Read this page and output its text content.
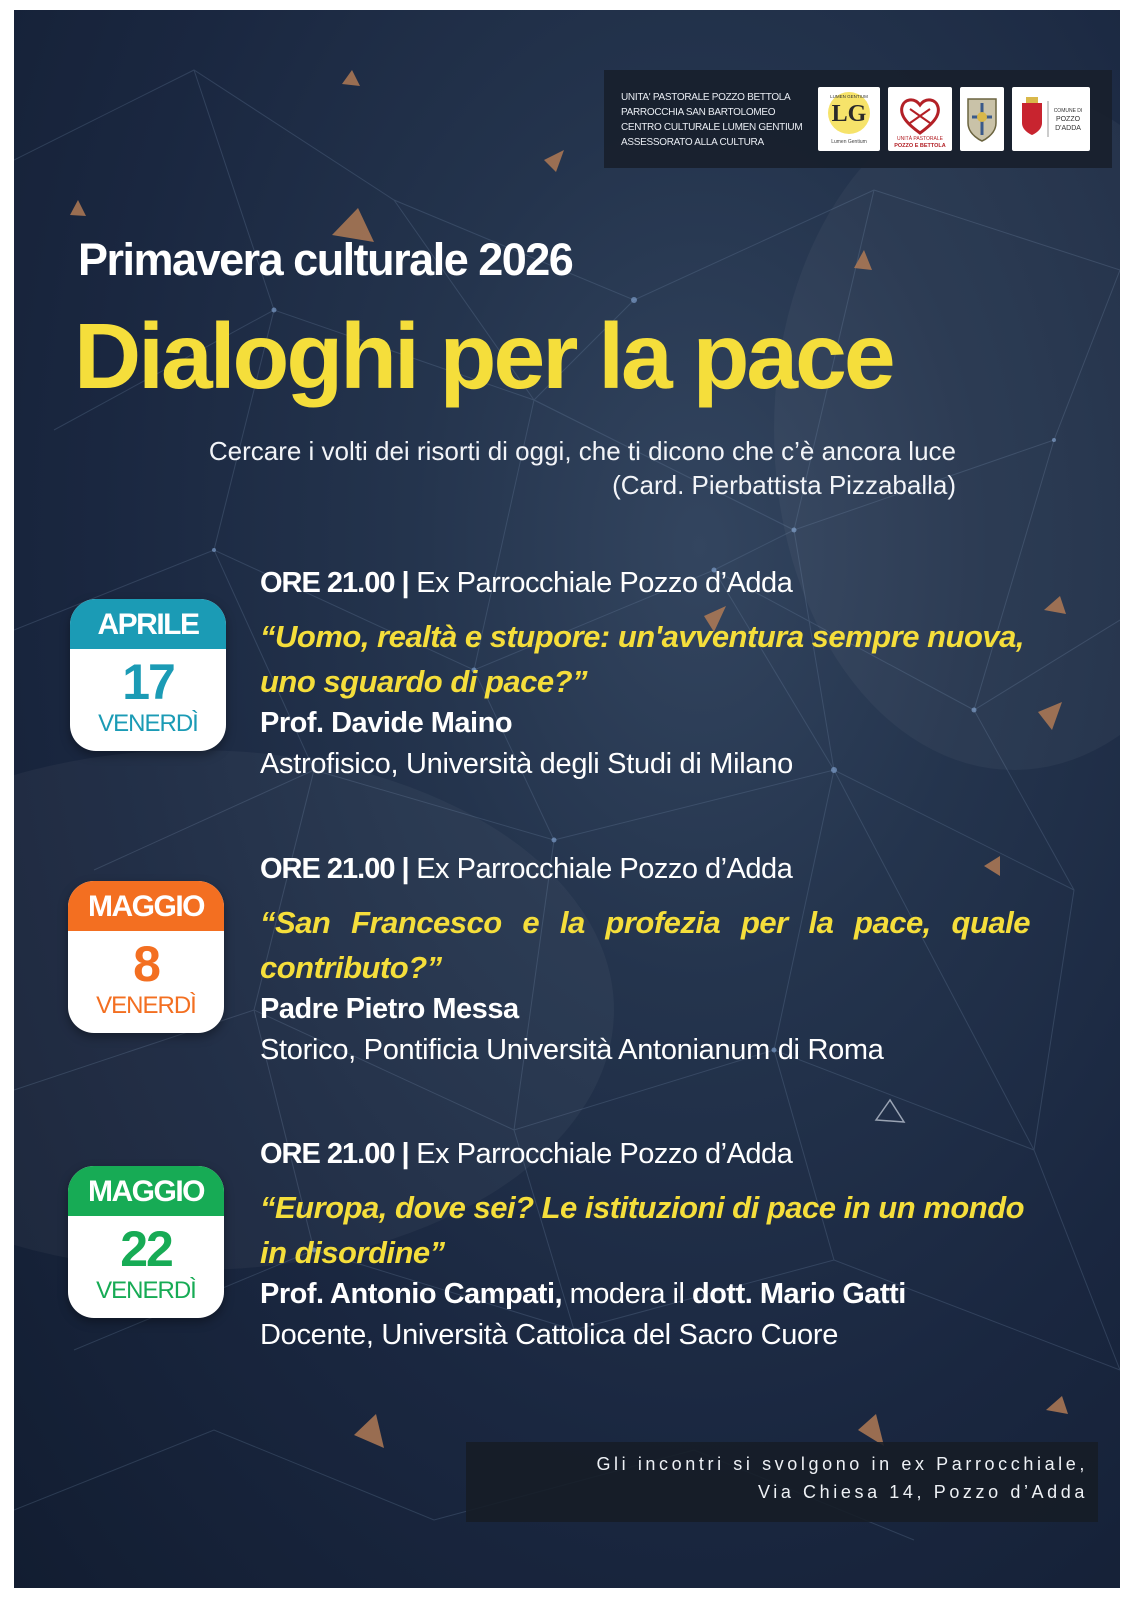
UNITA' PASTORALE POZZO BETTOLA
PARROCCHIA SAN BARTOLOMEO
CENTRO CULTURALE LUMEN GENTIUM
ASSESSORATO ALLA CULTURA
LG
LUMEN GENTIUM
Lumen Gentium	UNITÀ PASTORALE
POZZO E BETTOLA
COMUNE DI
POZZO
D'ADDA
Primavera culturale 2026
Dialoghi per la pace
Cercare i volti dei risorti di oggi, che ti dicono che c’è ancora luce
(Card. Pierbattista Pizzaballa)
APRILE
17
VENERDÌ
ORE 21.00 | Ex Parrocchiale Pozzo d’Adda
“Uomo, realtà e stupore: un'avventura sempre nuova, uno sguardo di pace?”
Prof. Davide Maino
Astrofisico, Università degli Studi di Milano
MAGGIO
8
VENERDÌ
ORE 21.00 | Ex Parrocchiale Pozzo d’Adda
“San Francesco e la profezia per la pace, quale contributo?”
Padre Pietro Messa
Storico, Pontificia Università Antonianum di Roma
MAGGIO
22
VENERDÌ
ORE 21.00 | Ex Parrocchiale Pozzo d’Adda
“Europa, dove sei? Le istituzioni di pace in un mondo in disordine”
Prof. Antonio Campati, modera il dott. Mario Gatti
Docente, Università Cattolica del Sacro Cuore
Gli incontri si svolgono in ex Parrocchiale,
Via Chiesa 14, Pozzo d’Adda
